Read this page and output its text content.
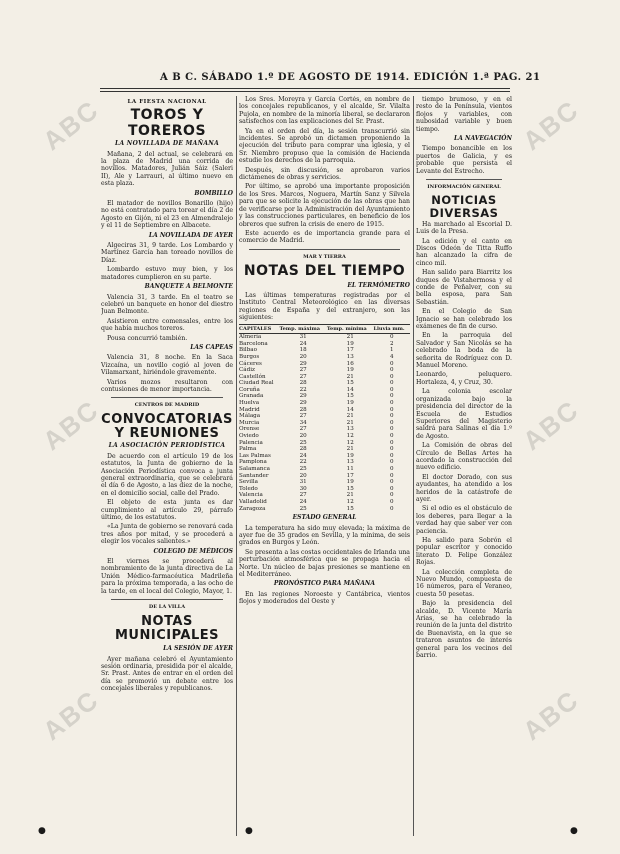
ABC
ABC
ABC
ABC
ABC
ABC
A B C. SÁBADO 1.º DE AGOSTO DE 1914. EDICIÓN 1.ª PAG. 21
LA FIESTA NACIONAL
TOROS Y TOREROS
LA NOVILLADA DE MAÑANA

Mañana, 2 del actual, se celebrará en la plaza de Madrid una corrida de novillos. Matadores, Julián Sáiz (Saleri II), Ale y Larrauri, al último nuevo en esta plaza.

BOMBILLO

El matador de novillos Bonarillo (hijo) no está contratado para torear el día 2 de Agosto en Gijón, ni el 23 en Almendralejo y el 11 de Septiembre en Albacete.

LA NOVILLADA DE AYER

Algeciras 31, 9 tarde. Los Lombardo y Martínez García han toreado novillos de Díaz.

Lombardo estuvo muy bien, y los matadores cumplieron en su parte.

BANQUETE A BELMONTE

Valencia 31, 3 tarde. En el teatro se celebró un banquete en honor del diestro Juan Belmonte.

Asistieron entre comensales, entre los que había muchos toreros.

Pousa concurrió también.

LAS CAPEAS

Valencia 31, 8 noche. En la Saca Vizcaína, un novillo cogió al joven de Vilamarxant, hiriéndole gravemente.

Varios mozos resultaron con contusiones de menor importancia.

CENTROS DE MADRID
CONVOCATORIAS Y REUNIONES
LA ASOCIACIÓN PERIODÍSTICA

De acuerdo con el artículo 19 de los estatutos, la Junta de gobierno de la Asociación Periodística convoca a junta general extraordinaria, que se celebrará el día 6 de Agosto, a las diez de la noche, en el domicilio social, calle del Prado.

El objeto de esta junta es dar cumplimiento al artículo 29, párrafo último, de los estatutos.

«La Junta de gobierno se renovará cada tres años por mitad, y se procederá a elegir los vocales salientes.»

COLEGIO DE MÉDICOS

El viernes se procederá al nombramiento de la junta directiva de La Unión Médico-farmacéutica Madrileña para la próxima temporada, a las ocho de la tarde, en el local del Colegio, Mayor, 1.

DE LA VILLA
NOTAS MUNICIPALES
LA SESIÓN DE AYER

Ayer mañana celebró el Ayuntamiento sesión ordinaria, presidida por el alcalde, Sr. Prast. Antes de entrar en el orden del día se promovió un debate entre los concejales liberales y republicanos.

Los Sres. Moreyra y García Cortés, en nombre de los concejales republicanos, y el alcalde, Sr. Vilalta Pujola, en nombre de la minoría liberal, se declararon satisfechos con las explicaciones del Sr. Prast.

Ya en el orden del día, la sesión transcurrió sin incidentes. Se aprobó un dictamen proponiendo la ejecución del tributo para comprar una iglesia, y el Sr. Niembro propuso que la comisión de Hacienda estudie los derechos de la parroquia.

Después, sin discusión, se aprobaron varios dictámenes de obras y servicios.

Por último, se aprobó una importante proposición de los Sres. Marcos, Noguera, Martín Sanz y Silvela para que se solicite la ejecución de las obras que han de verificarse por la Administración del Ayuntamiento y las construcciones particulares, en beneficio de los obreros que sufren la crisis de enero de 1915.

Este acuerdo es de importancia grande para el comercio de Madrid.

MAR Y TIERRA
NOTAS DEL TIEMPO
EL TERMÓMETRO

Las últimas temperaturas registradas por el Instituto Central Meteorológico en las diversas regiones de España y del extranjero, son las siguientes:

CAPITALES	Temp. máxima	Temp. mínima	Lluvia mm.
Almería	31	21	0
Barcelona	24	19	2
Bilbao	18	17	1
Burgos	20	13	4
Cáceres	29	16	0
Cádiz	27	19	0
Castellón	27	21	0
Ciudad Real	28	15	0
Coruña	22	14	0
Granada	29	15	0
Huelva	29	19	0
Madrid	28	14	0
Málaga	27	21	0
Murcia	34	21	0
Orense	27	13	0
Oviedo	20	12	0
Palencia	25	12	0
Palma	28	21	0
Las Palmas	24	19	0
Pamplona	22	13	0
Salamanca	25	11	0
Santander	20	17	0
Sevilla	31	19	0
Toledo	30	15	0
Valencia	27	21	0
Valladolid	24	12	0
Zaragoza	25	15	0
ESTADO GENERAL

La temperatura ha sido muy elevada; la máxima de ayer fue de 35 grados en Sevilla, y la mínima, de seis grados en Burgos y León.

Se presenta a las costas occidentales de Irlanda una perturbación atmosférica que se propaga hacia el Norte. Un núcleo de bajas presiones se mantiene en el Mediterráneo.

PRONÓSTICO PARA MAÑANA

En las regiones Noroeste y Cantábrica, vientos flojos y moderados del Oeste y

tiempo brumoso, y en el resto de la Península, vientos flojos y variables, con nubosidad variable y buen tiempo.

LA NAVEGACIÓN

Tiempo bonancible en los puertos de Galicia, y es probable que persista el Levante del Estrecho.

INFORMACIÓN GENERAL
NOTICIAS DIVERSAS

Ha marchado al Escorial D. Luis de la Presa.

La edición y el canto en Discos Odeón de Titta Ruffo han alcanzado la cifra de cinco mil.

Han salido para Biarritz los duques de Vistahermosa y el conde de Peñalver, con su bella esposa, para San Sebastián.

En el Colegio de San Ignacio se han celebrado los exámenes de fin de curso.

En la parroquia del Salvador y San Nicolás se ha celebrado la boda de la señorita de Rodríguez con D. Manuel Moreno.

Leonardo, peluquero. Hortaleza, 4, y Cruz, 30.

La colonia escolar organizada bajo la presidencia del director de la Escuela de Estudios Superiores del Magisterio saldrá para Salinas el día 1.º de Agosto.

La Comisión de obras del Círculo de Bellas Artes ha acordado la construcción del nuevo edificio.

El doctor Dorado, con sus ayudantes, ha atendido a los heridos de la catástrofe de ayer.

Si el odio es el obstáculo de los deberes, para llegar a la verdad hay que saber ver con paciencia.

Ha salido para Sobrón el popular escritor y conocido literato D. Felipe González Rojas.

La colección completa de Nuevo Mundo, compuesta de 16 números, para el Veraneo, cuesta 50 pesetas.

Bajo la presidencia del alcalde, D. Vicente María Arias, se ha celebrado la reunión de la junta del distrito de Buenavista, en la que se trataron asuntos de interés general para los vecinos del barrio.

●	●	●
